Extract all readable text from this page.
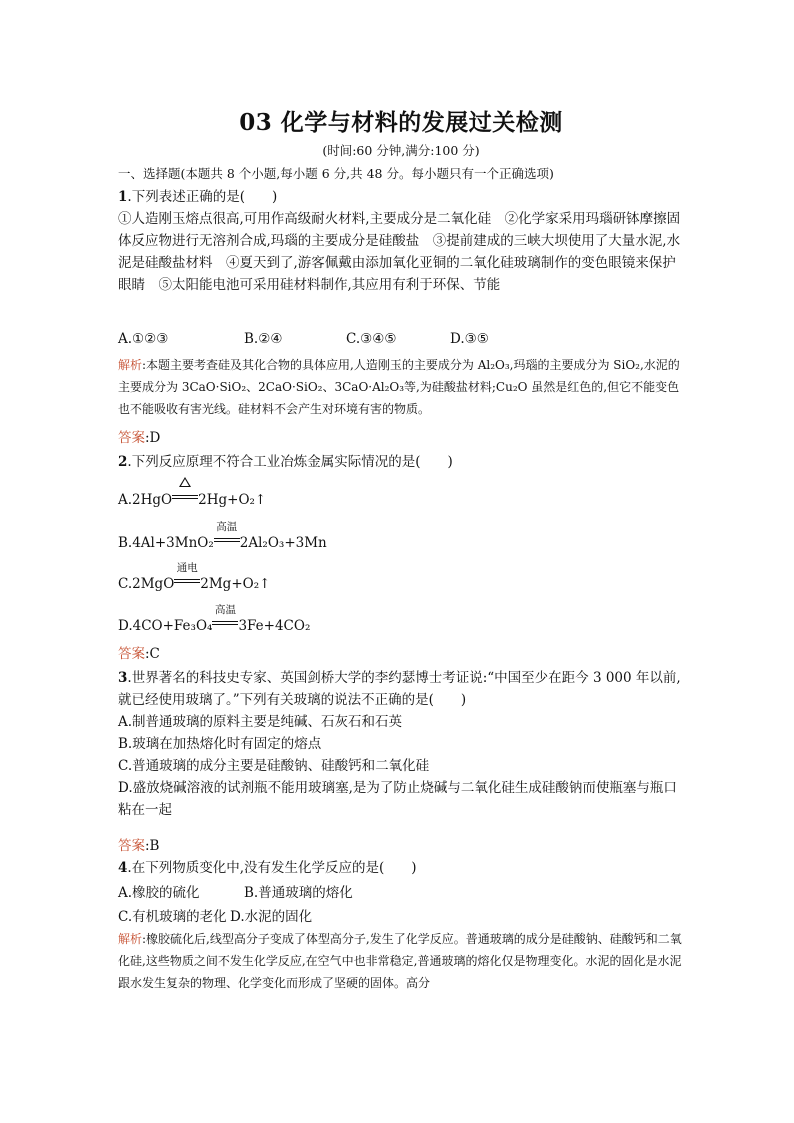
03 化学与材料的发展过关检测
(时间:60 分钟,满分:100 分)
一、选择题(本题共 8 个小题,每小题 6 分,共 48 分。每小题只有一个正确选项)
1.下列表述正确的是(　　)
①人造刚玉熔点很高,可用作高级耐火材料,主要成分是二氧化硅　②化学家采用玛瑙研钵摩擦固体反应物进行无溶剂合成,玛瑙的主要成分是硅酸盐　③提前建成的三峡大坝使用了大量水泥,水泥是硅酸盐材料　④夏天到了,游客佩戴由添加氧化亚铜的二氧化硅玻璃制作的变色眼镜来保护眼睛　⑤太阳能电池可采用硅材料制作,其应用有利于环保、节能
A.①②③	B.②④	C.③④⑤	D.③⑤
解析:本题主要考查硅及其化合物的具体应用,人造刚玉的主要成分为 Al₂O₃,玛瑙的主要成分为 SiO₂,水泥的主要成分为 3CaO·SiO₂、2CaO·SiO₂、3CaO·Al₂O₃等,为硅酸盐材料;Cu₂O 虽然是红色的,但它不能变色也不能吸收有害光线。硅材料不会产生对环境有害的物质。
答案:D
2.下列反应原理不符合工业冶炼金属实际情况的是(　　)
A.2HgO 2Hg+O₂↑
B.4Al+3MnO₂
高温
2Al₂O₃+3Mn
C.2MgO
通电
2Mg+O₂↑
D.4CO+Fe₃O₄
高温
3Fe+4CO₂
答案:C
3.世界著名的科技史专家、英国剑桥大学的李约瑟博士考证说:“中国至少在距今 3 000 年以前,就已经使用玻璃了。”下列有关玻璃的说法不正确的是(　　)
A.制普通玻璃的原料主要是纯碱、石灰石和石英
B.玻璃在加热熔化时有固定的熔点
C.普通玻璃的成分主要是硅酸钠、硅酸钙和二氧化硅
D.盛放烧碱溶液的试剂瓶不能用玻璃塞,是为了防止烧碱与二氧化硅生成硅酸钠而使瓶塞与瓶口粘在一起
答案:B
4.在下列物质变化中,没有发生化学反应的是(　　)
A.橡胶的硫化	B.普通玻璃的熔化
C.有机玻璃的老化 D.水泥的固化
解析:橡胶硫化后,线型高分子变成了体型高分子,发生了化学反应。普通玻璃的成分是硅酸钠、硅酸钙和二氧化硅,这些物质之间不发生化学反应,在空气中也非常稳定,普通玻璃的熔化仅是物理变化。水泥的固化是水泥跟水发生复杂的物理、化学变化而形成了坚硬的固体。高分
